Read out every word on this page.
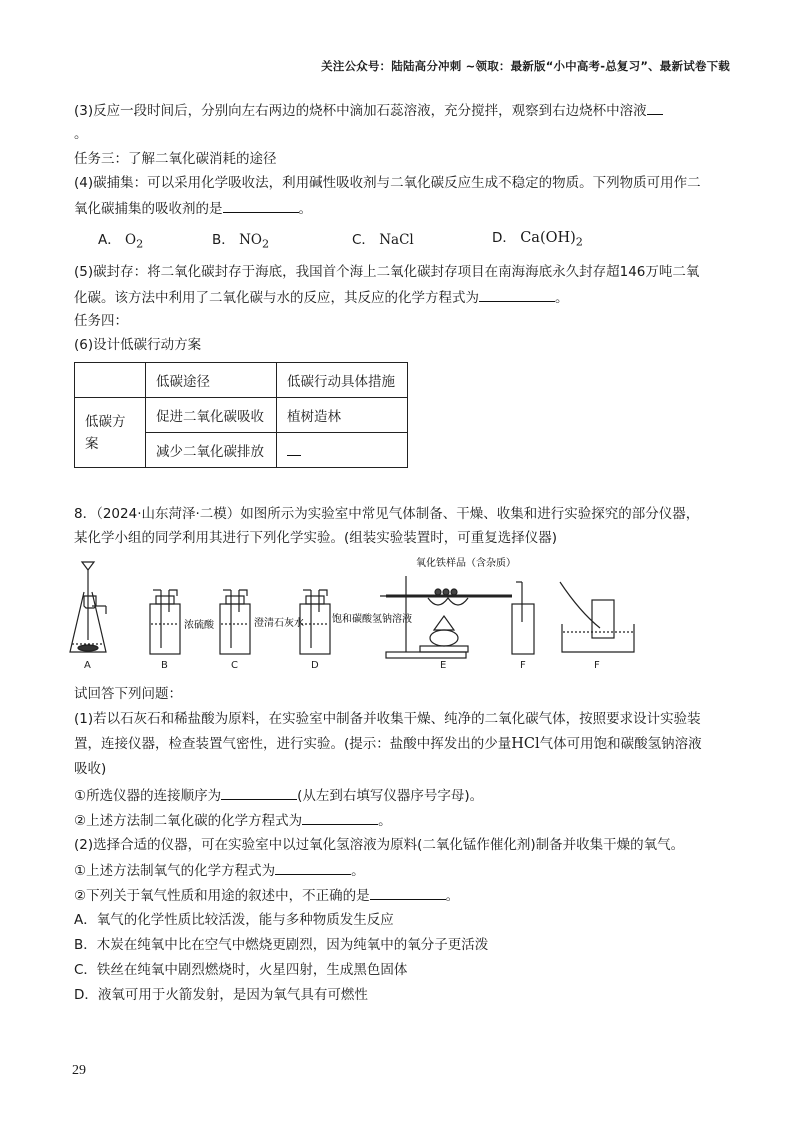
关注公众号：陆陆高分冲刺 ~领取：最新版“小中高考-总复习”、最新试卷下载
(3)反应一段时间后，分别向左右两边的烧杯中滴加石蕊溶液，充分搅拌，观察到右边烧杯中溶液
。
任务三：了解二氧化碳消耗的途径
(4)碳捕集：可以采用化学吸收法，利用碱性吸收剂与二氧化碳反应生成不稳定的物质。下列物质可用作二
氧化碳捕集的吸收剂的是	。
A． $O_2$	B． $NO_2$	C． NaCl	D． $Ca(OH)_2$
(5)碳封存：将二氧化碳封存于海底，我国首个海上二氧化碳封存项目在南海海底永久封存超146万吨二氧
化碳。该方法中利用了二氧化碳与水的反应，其反应的化学方程式为	。
任务四：
(6)设计低碳行动方案
	低碳途径	低碳行动具体措施
低碳方案	促进二氧化碳吸收	植树造林
	减少二氧化碳排放	
8．（2024·山东菏泽·二模）如图所示为实验室中常见气体制备、干燥、收集和进行实验探究的部分仪器，
某化学小组的同学利用其进行下列化学实验。(组装实验装置时，可重复选择仪器)
浓硫酸	澄清石灰水	饱和碳酸氢钠溶液
氧化铁样品（含杂质）
A	B	C	D	E	F	F
试回答下列问题：
(1)若以石灰石和稀盐酸为原料，在实验室中制备并收集干燥、纯净的二氧化碳气体，按照要求设计实验装
置，连接仪器，检查装置气密性，进行实验。(提示：盐酸中挥发出的少量HCl气体可用饱和碳酸氢钠溶液
吸收)
①所选仪器的连接顺序为	(从左到右填写仪器序号字母)。
②上述方法制二氧化碳的化学方程式为	。
(2)选择合适的仪器，可在实验室中以过氧化氢溶液为原料(二氧化锰作催化剂)制备并收集干燥的氧气。
①上述方法制氧气的化学方程式为	。
②下列关于氧气性质和用途的叙述中，不正确的是	。
A．氧气的化学性质比较活泼，能与多种物质发生反应
B．木炭在纯氧中比在空气中燃烧更剧烈，因为纯氧中的氧分子更活泼
C．铁丝在纯氧中剧烈燃烧时，火星四射，生成黑色固体
D．液氧可用于火箭发射，是因为氧气具有可燃性
29
